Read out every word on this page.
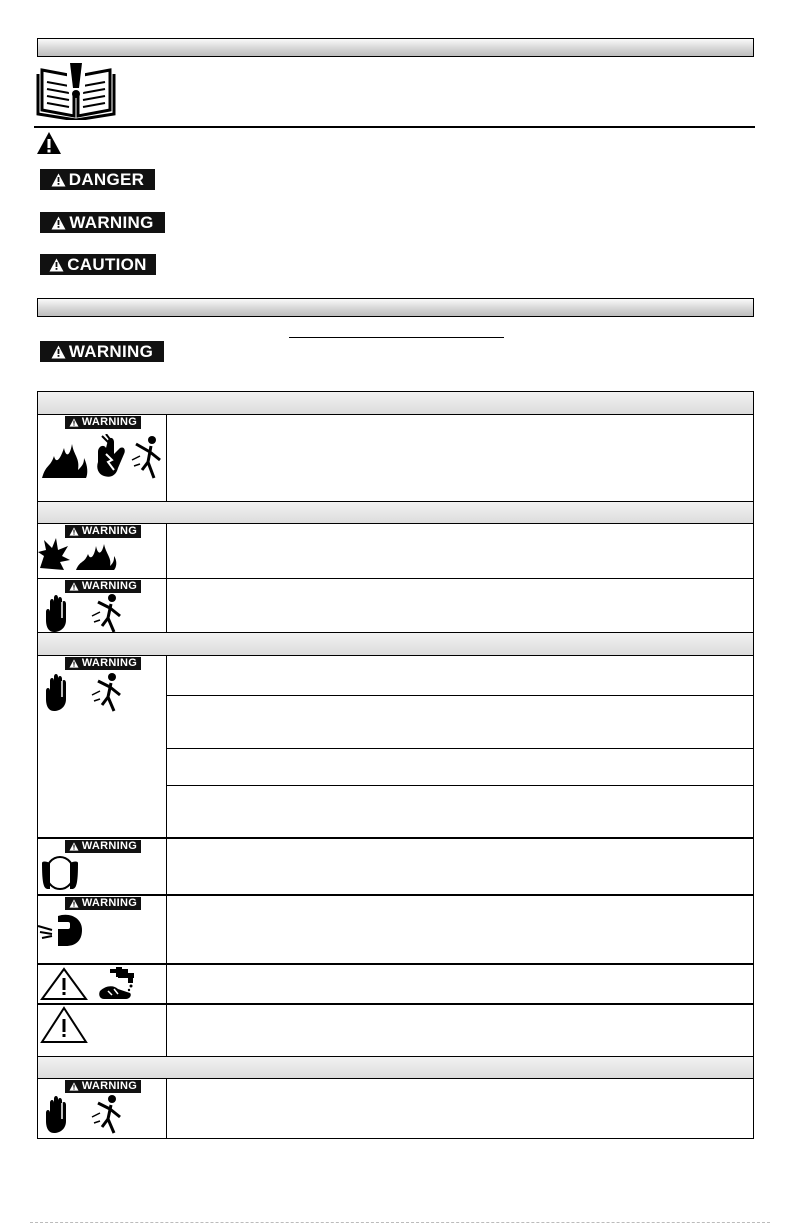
DANGER
WARNING
CAUTION
WARNING
WARNING
WARNING
WARNING
WARNING
WARNING
WARNING
WARNING
